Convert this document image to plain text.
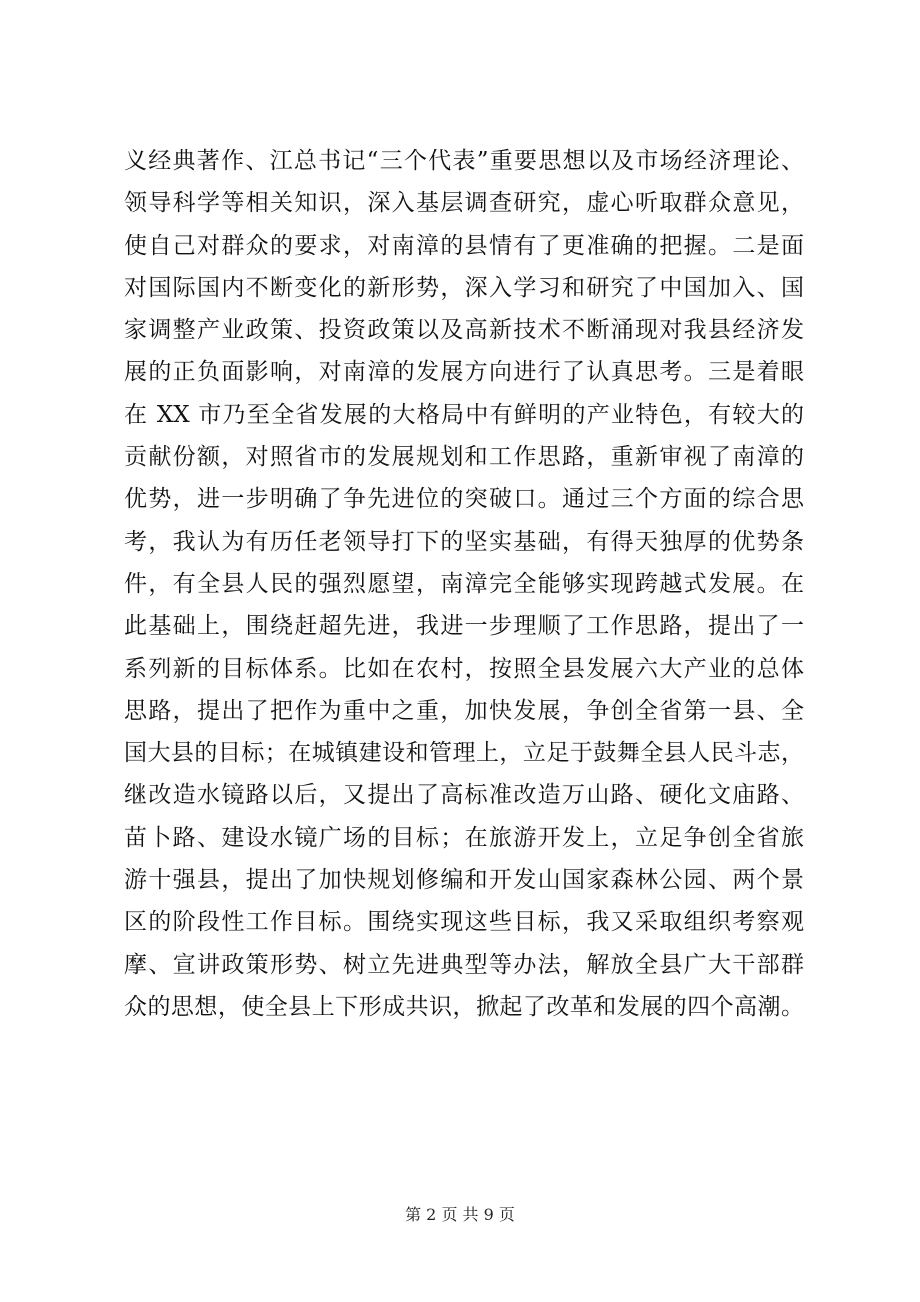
义经典著作、江总书记“三个代表”重要思想以及市场经济理论、
领导科学等相关知识，深入基层调查研究，虚心听取群众意见，
使自己对群众的要求，对南漳的县情有了更准确的把握。二是面
对国际国内不断变化的新形势，深入学习和研究了中国加入、国
家调整产业政策、投资政策以及高新技术不断涌现对我县经济发
展的正负面影响，对南漳的发展方向进行了认真思考。三是着眼
在 XX 市乃至全省发展的大格局中有鲜明的产业特色，有较大的
贡献份额，对照省市的发展规划和工作思路，重新审视了南漳的
优势，进一步明确了争先进位的突破口。通过三个方面的综合思
考，我认为有历任老领导打下的坚实基础，有得天独厚的优势条
件，有全县人民的强烈愿望，南漳完全能够实现跨越式发展。在
此基础上，围绕赶超先进，我进一步理顺了工作思路，提出了一
系列新的目标体系。比如在农村，按照全县发展六大产业的总体
思路，提出了把作为重中之重，加快发展，争创全省第一县、全
国大县的目标；在城镇建设和管理上，立足于鼓舞全县人民斗志，
继改造水镜路以后，又提出了高标准改造万山路、硬化文庙路、
苗卜路、建设水镜广场的目标；在旅游开发上，立足争创全省旅
游十强县，提出了加快规划修编和开发山国家森林公园、两个景
区的阶段性工作目标。围绕实现这些目标，我又采取组织考察观
摩、宣讲政策形势、树立先进典型等办法，解放全县广大干部群
众的思想，使全县上下形成共识，掀起了改革和发展的四个高潮。
第 2 页 共 9 页
